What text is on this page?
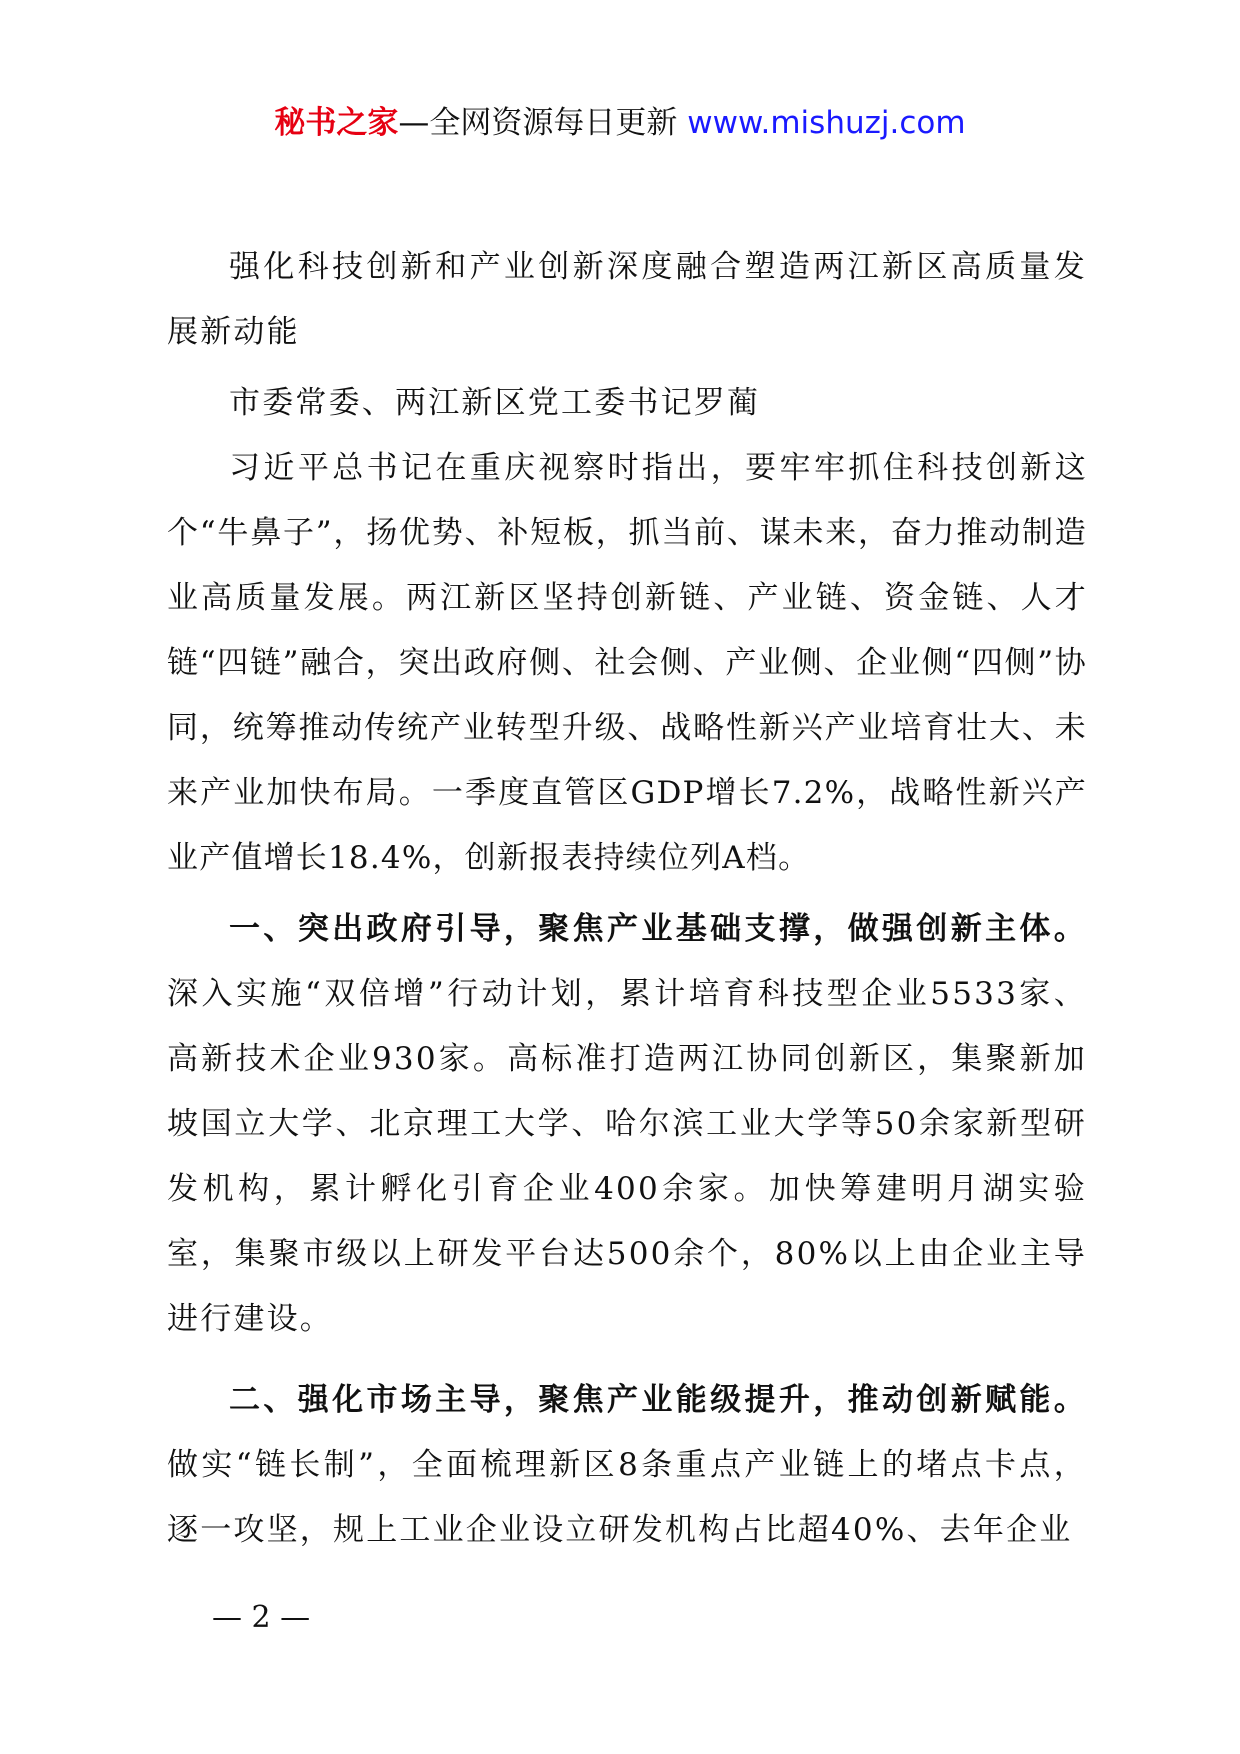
秘书之家—全网资源每日更新 www.mishuzj.com

强化科技创新和产业创新深度融合塑造两江新区高质量发展新动能

市委常委、两江新区党工委书记罗蔺

习近平总书记在重庆视察时指出，要牢牢抓住科技创新这个“牛鼻子”，扬优势、补短板，抓当前、谋未来，奋力推动制造业高质量发展。两江新区坚持创新链、产业链、资金链、人才链“四链”融合，突出政府侧、社会侧、产业侧、企业侧“四侧”协同，统筹推动传统产业转型升级、战略性新兴产业培育壮大、未来产业加快布局。一季度直管区GDP增长7.2%，战略性新兴产业产值增长18.4%，创新报表持续位列A档。

一、突出政府引导，聚焦产业基础支撑，做强创新主体。深入实施“双倍增”行动计划，累计培育科技型企业5533家、高新技术企业930家。高标准打造两江协同创新区，集聚新加坡国立大学、北京理工大学、哈尔滨工业大学等50余家新型研发机构，累计孵化引育企业400余家。加快筹建明月湖实验室，集聚市级以上研发平台达500余个，80%以上由企业主导进行建设。

二、强化市场主导，聚焦产业能级提升，推动创新赋能。做实“链长制”，全面梳理新区8条重点产业链上的堵点卡点，逐一攻坚，规上工业企业设立研发机构占比超40%、去年企业

— 2 —
